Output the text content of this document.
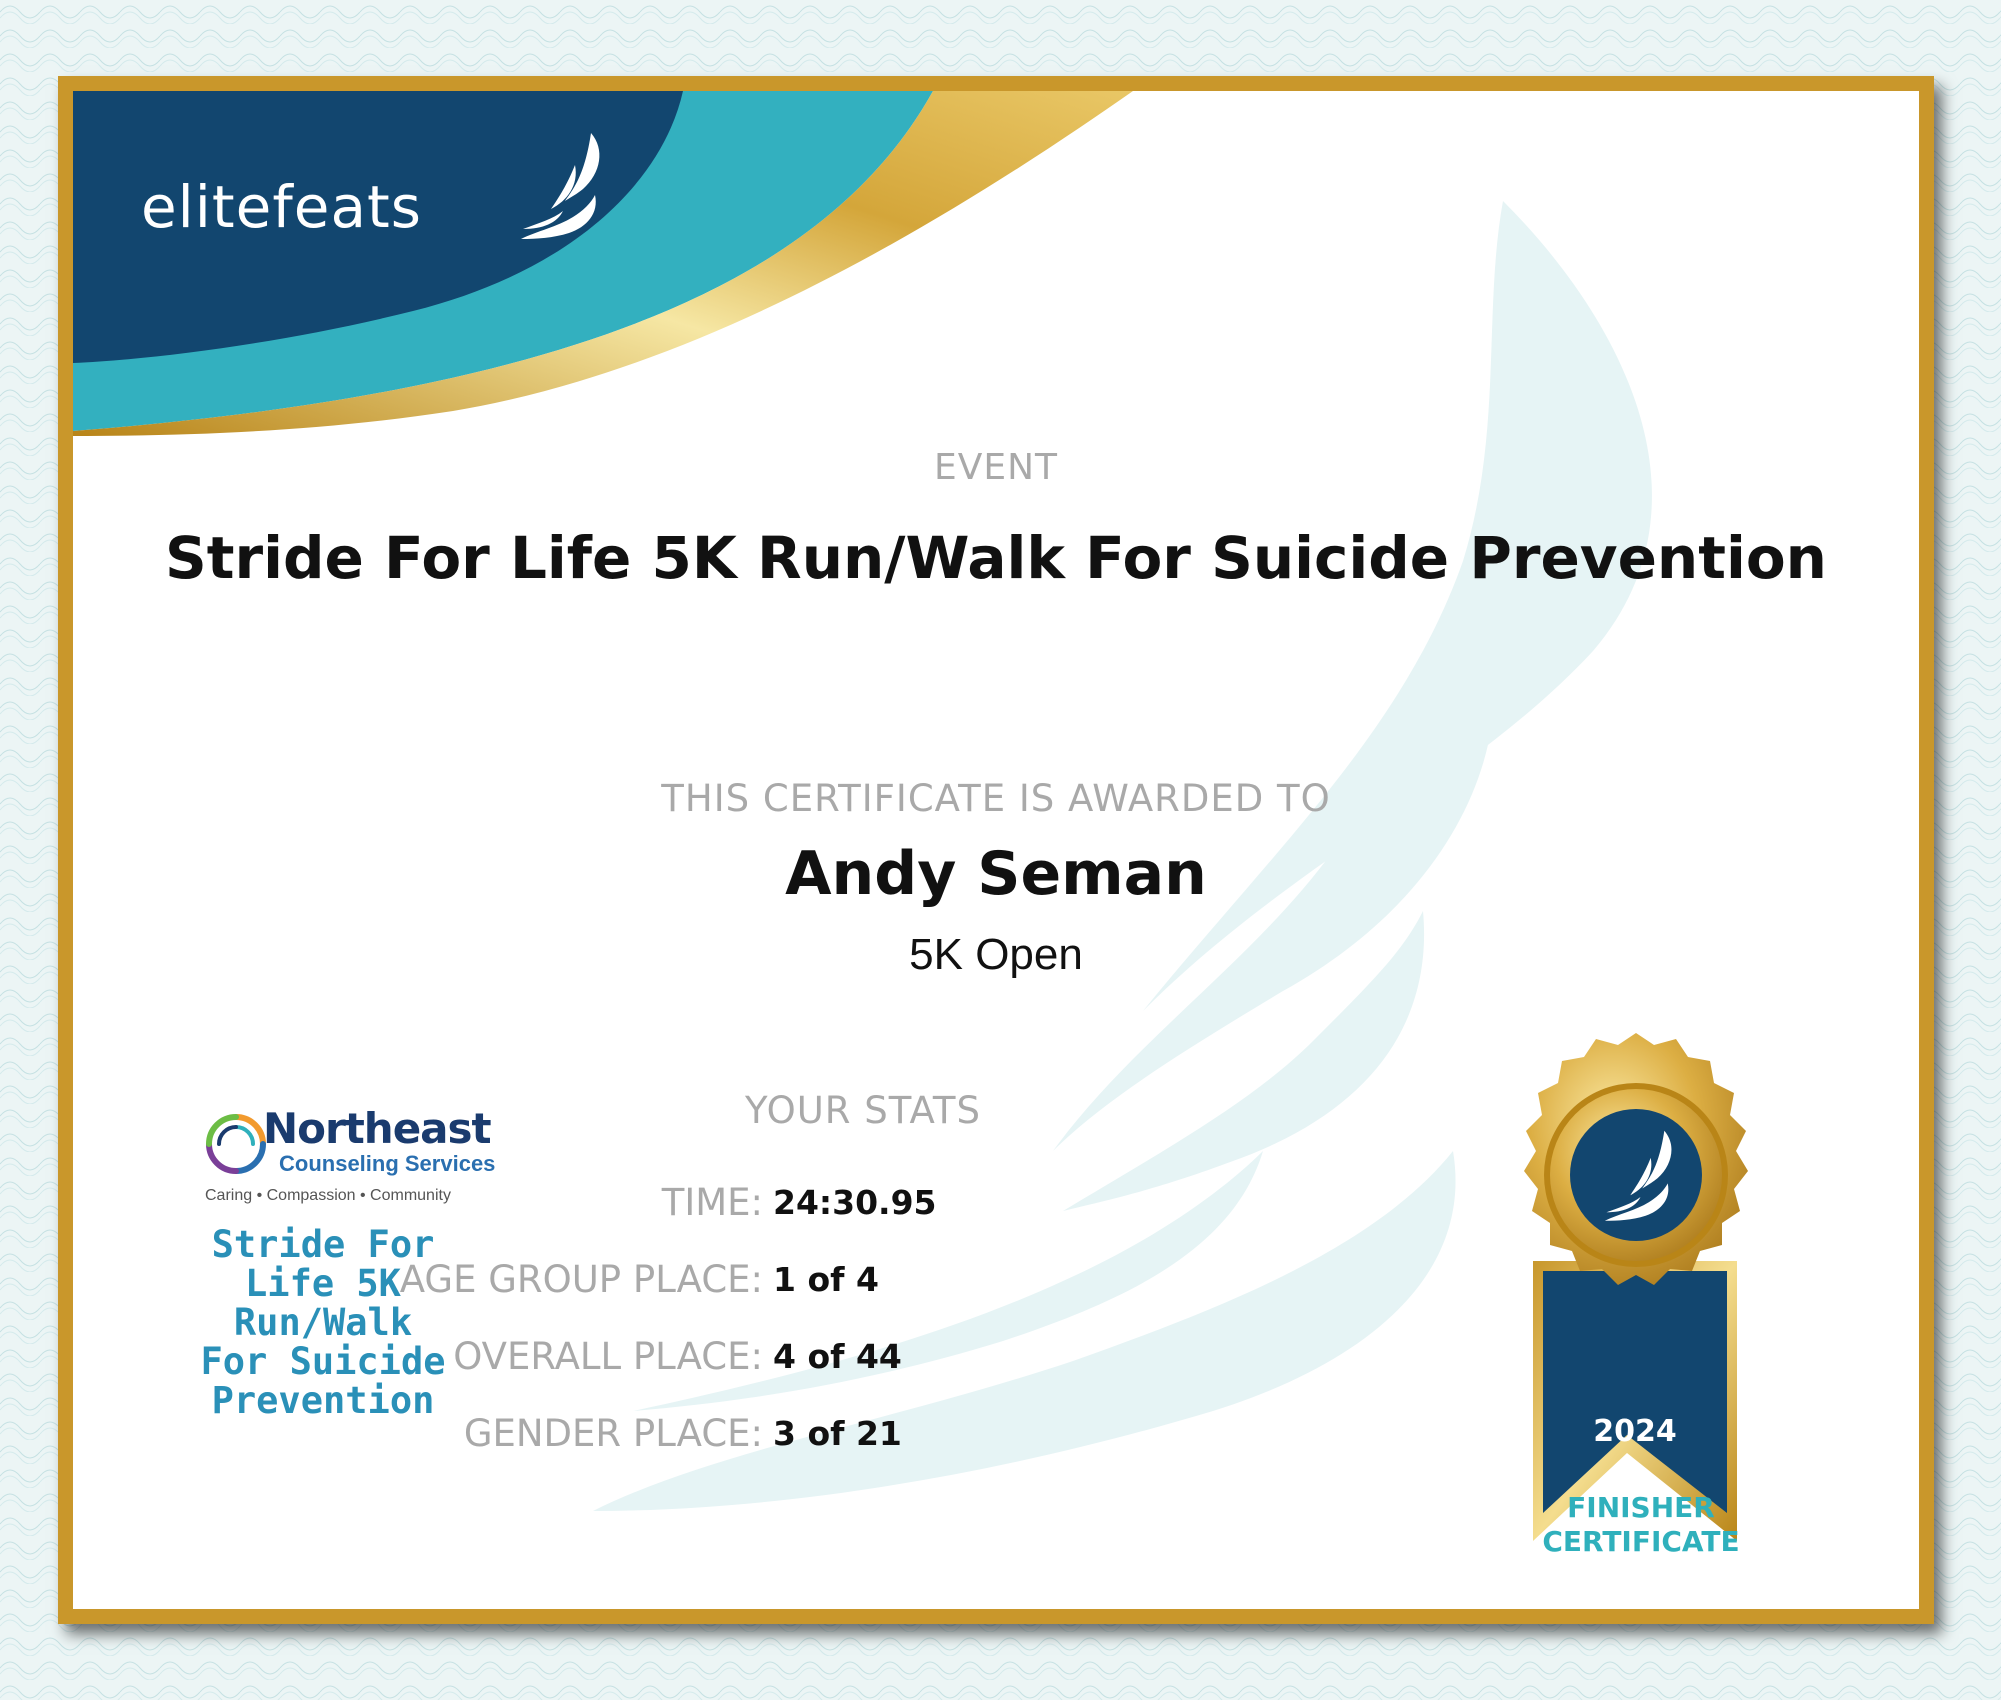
elitefeats
EVENT
Stride For Life 5K Run/Walk For Suicide Prevention
THIS CERTIFICATE IS AWARDED TO
Andy Seman
5K Open
YOUR STATS
TIME: 24:30.95
AGE GROUP PLACE: 1 of 4
OVERALL PLACE: 4 of 44
GENDER PLACE: 3 of 21
Northeast
Counseling Services
Caring • Compassion • Community
Stride For
Life 5K
Run/Walk
For Suicide
Prevention
2024
FINISHER
CERTIFICATE
